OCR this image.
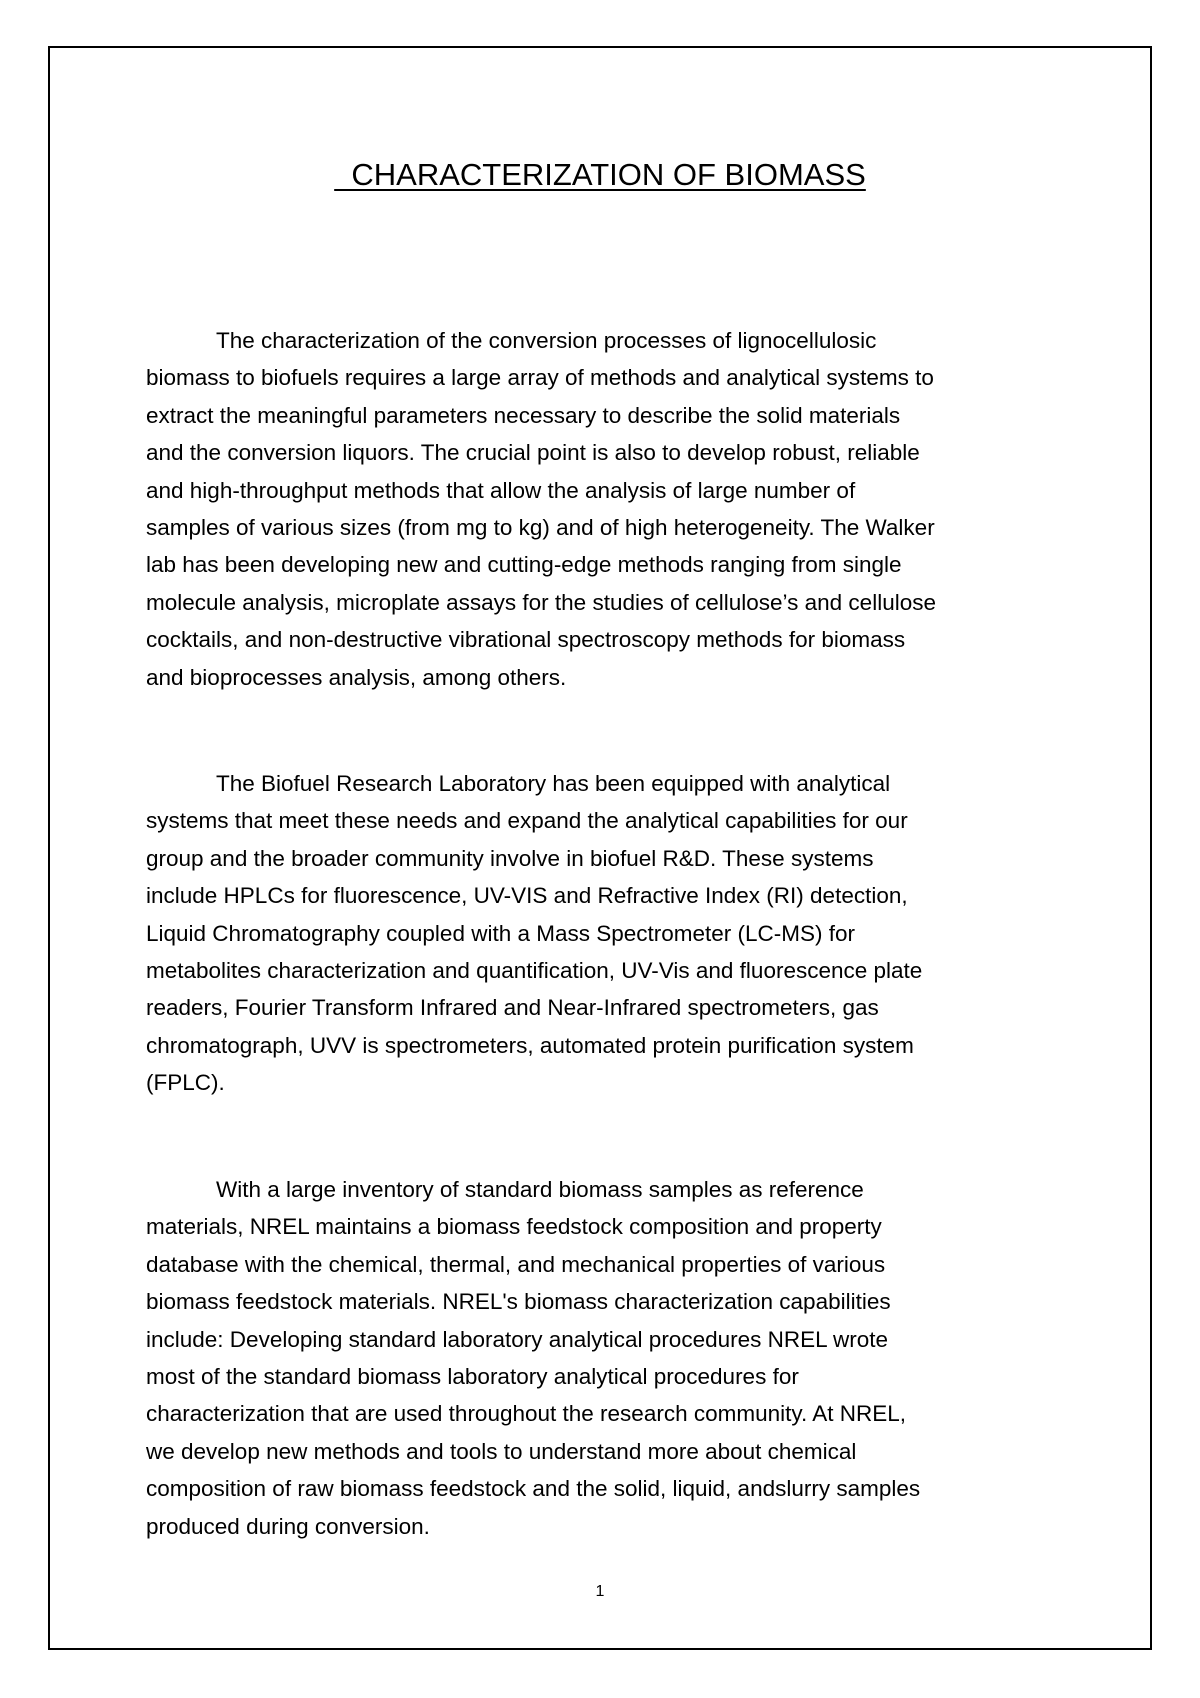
CHARACTERIZATION OF BIOMASS
The characterization of the conversion processes of lignocellulosic
biomass to biofuels requires a large array of methods and analytical systems to
extract the meaningful parameters necessary to describe the solid materials
and the conversion liquors. The crucial point is also to develop robust, reliable
and high-throughput methods that allow the analysis of large number of
samples of various sizes (from mg to kg) and of high heterogeneity. The Walker
lab has been developing new and cutting-edge methods ranging from single
molecule analysis, microplate assays for the studies of cellulose’s and cellulose
cocktails, and non-destructive vibrational spectroscopy methods for biomass
and bioprocesses analysis, among others.
The Biofuel Research Laboratory has been equipped with analytical
systems that meet these needs and expand the analytical capabilities for our
group and the broader community involve in biofuel R&D. These systems
include HPLCs for fluorescence, UV-VIS and Refractive Index (RI) detection,
Liquid Chromatography coupled with a Mass Spectrometer (LC-MS) for
metabolites characterization and quantification, UV-Vis and fluorescence plate
readers, Fourier Transform Infrared and Near-Infrared spectrometers, gas
chromatograph, UVV is spectrometers, automated protein purification system
(FPLC).
With a large inventory of standard biomass samples as reference
materials, NREL maintains a biomass feedstock composition and property
database with the chemical, thermal, and mechanical properties of various
biomass feedstock materials. NREL's biomass characterization capabilities
include: Developing standard laboratory analytical procedures NREL wrote
most of the standard biomass laboratory analytical procedures for
characterization that are used throughout the research community. At NREL,
we develop new methods and tools to understand more about chemical
composition of raw biomass feedstock and the solid, liquid, andslurry samples
produced during conversion.
1
